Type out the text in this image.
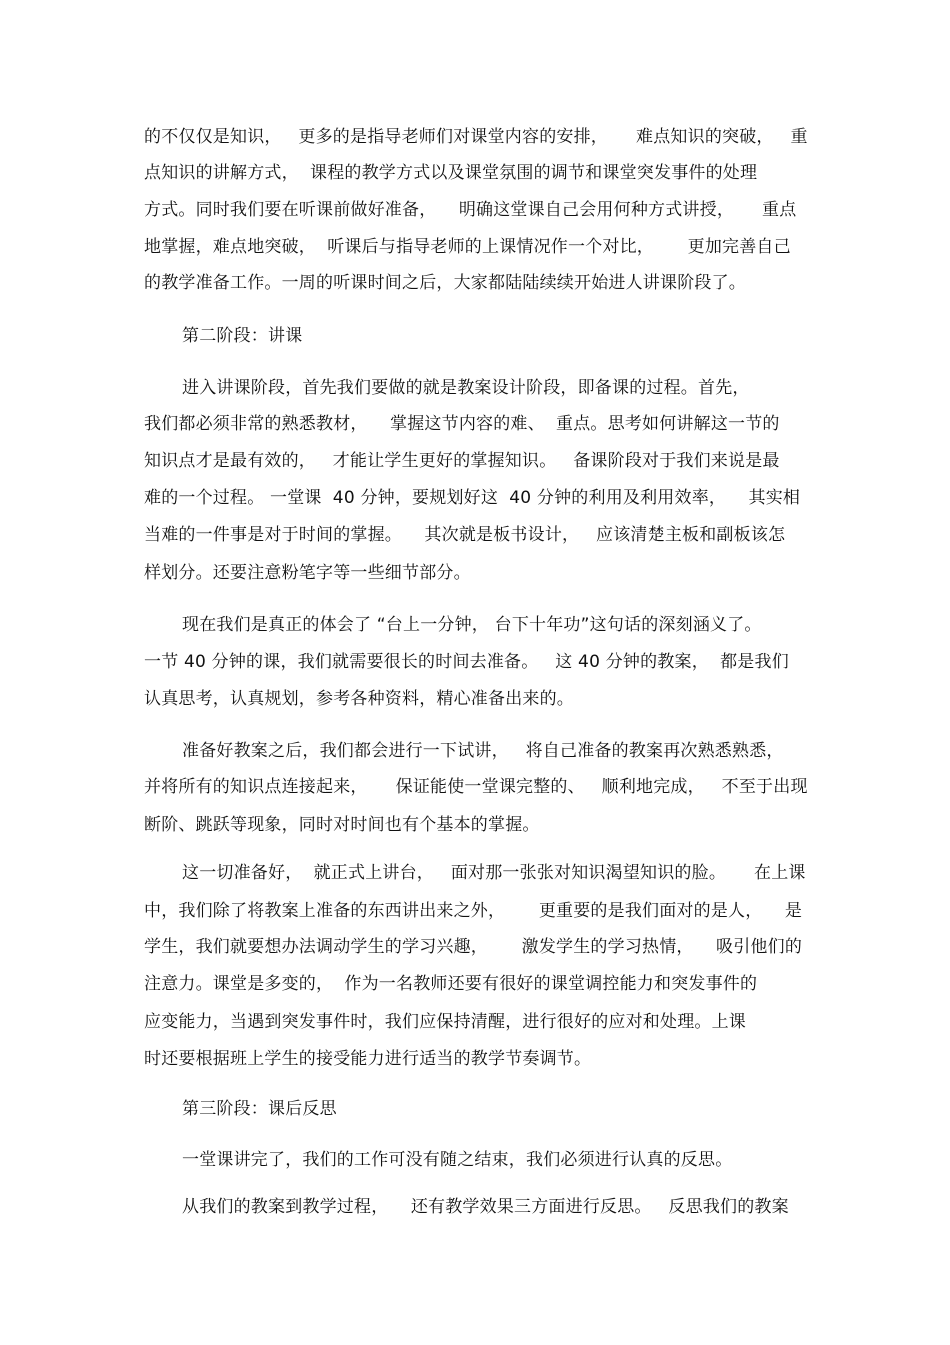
的不仅仅是知识，   更多的是指导老师们对课堂内容的安排，     难点知识的突破，   重
点知识的讲解方式，  课程的教学方式以及课堂氛围的调节和课堂突发事件的处理
方式。同时我们要在听课前做好准备，    明确这堂课自己会用何种方式讲授，     重点
地掌握，难点地突破，  听课后与指导老师的上课情况作一个对比，      更加完善自己
的教学准备工作。一周的听课时间之后，大家都陆陆续续开始进人讲课阶段了。
第二阶段：讲课
进入讲课阶段，首先我们要做的就是教案设计阶段，即备课的过程。首先，
我们都必须非常的熟悉教材，    掌握这节内容的难、  重点。思考如何讲解这一节的
知识点才是最有效的，   才能让学生更好的掌握知识。   备课阶段对于我们来说是最
难的一个过程。 一堂课  40 分钟，要规划好这  40 分钟的利用及利用效率，    其实相
当难的一件事是对于时间的掌握。    其次就是板书设计，   应该清楚主板和副板该怎
样划分。还要注意粉笔字等一些细节部分。
现在我们是真正的体会了 “台上一分钟， 台下十年功”这句话的深刻涵义了。
一节 40 分钟的课，我们就需要很长的时间去准备。   这 40 分钟的教案，  都是我们
认真思考，认真规划，参考各种资料，精心准备出来的。
准备好教案之后，我们都会进行一下试讲，   将自己准备的教案再次熟悉熟悉，
并将所有的知识点连接起来，     保证能使一堂课完整的、   顺利地完成，   不至于出现
断阶、跳跃等现象，同时对时间也有个基本的掌握。
这一切准备好，  就正式上讲台，   面对那一张张对知识渴望知识的脸。     在上课
中，我们除了将教案上准备的东西讲出来之外，      更重要的是我们面对的是人，    是
学生，我们就要想办法调动学生的学习兴趣，      激发学生的学习热情，    吸引他们的
注意力。课堂是多变的，  作为一名教师还要有很好的课堂调控能力和突发事件的
应变能力，当遇到突发事件时，我们应保持清醒，进行很好的应对和处理。上课
时还要根据班上学生的接受能力进行适当的教学节奏调节。
第三阶段：课后反思
一堂课讲完了，我们的工作可没有随之结束，我们必须进行认真的反思。
从我们的教案到教学过程，    还有教学效果三方面进行反思。   反思我们的教案
